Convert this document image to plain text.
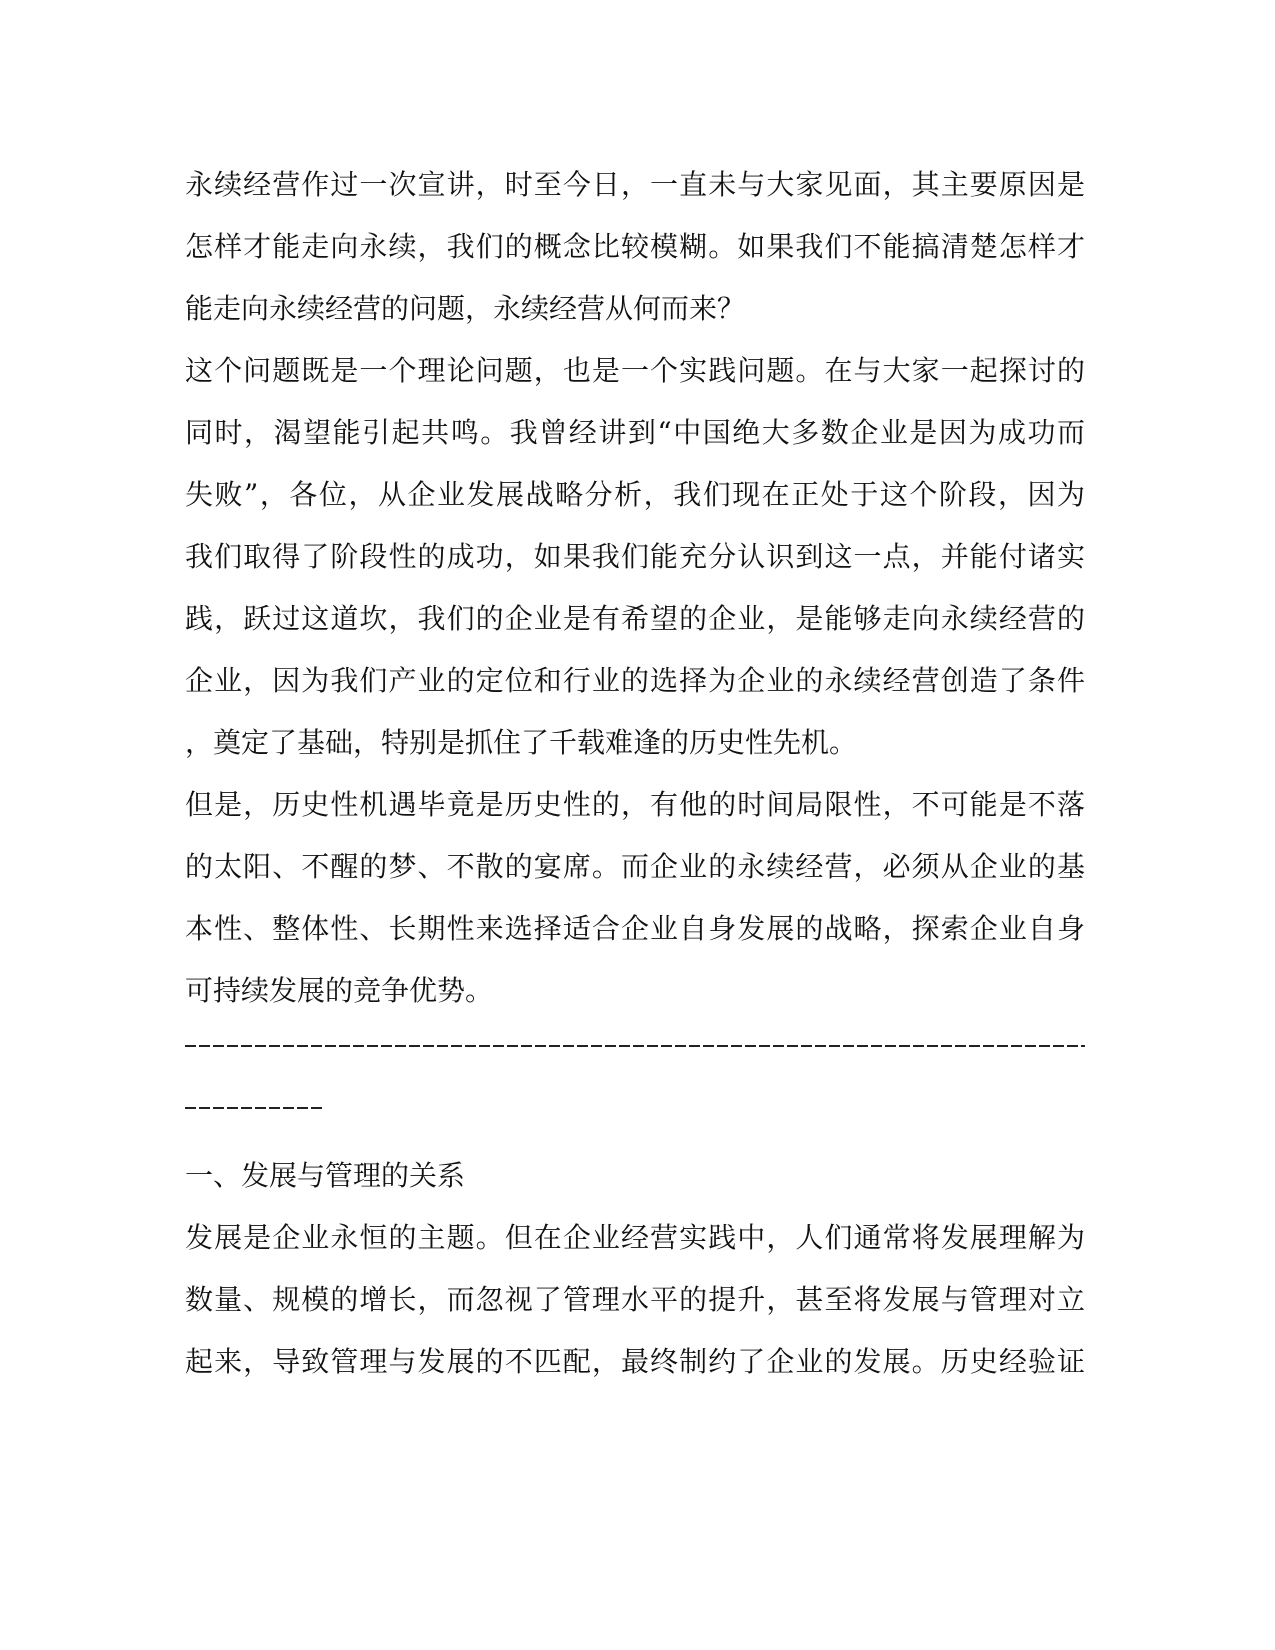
永续经营作过一次宣讲，时至今日，一直未与大家见面，其主要原因是
怎样才能走向永续，我们的概念比较模糊。如果我们不能搞清楚怎样才
能走向永续经营的问题，永续经营从何而来？
这个问题既是一个理论问题，也是一个实践问题。在与大家一起探讨的
同时，渴望能引起共鸣。我曾经讲到“中国绝大多数企业是因为成功而
失败”，各位，从企业发展战略分析，我们现在正处于这个阶段，因为
我们取得了阶段性的成功，如果我们能充分认识到这一点，并能付诸实
践，跃过这道坎，我们的企业是有希望的企业，是能够走向永续经营的
企业，因为我们产业的定位和行业的选择为企业的永续经营创造了条件
，奠定了基础，特别是抓住了千载难逢的历史性先机。
但是，历史性机遇毕竟是历史性的，有他的时间局限性，不可能是不落
的太阳、不醒的梦、不散的宴席。而企业的永续经营，必须从企业的基
本性、整体性、长期性来选择适合企业自身发展的战略，探索企业自身
可持续发展的竞争优势。
一、发展与管理的关系
发展是企业永恒的主题。但在企业经营实践中，人们通常将发展理解为
数量、规模的增长，而忽视了管理水平的提升，甚至将发展与管理对立
起来，导致管理与发展的不匹配，最终制约了企业的发展。历史经验证
